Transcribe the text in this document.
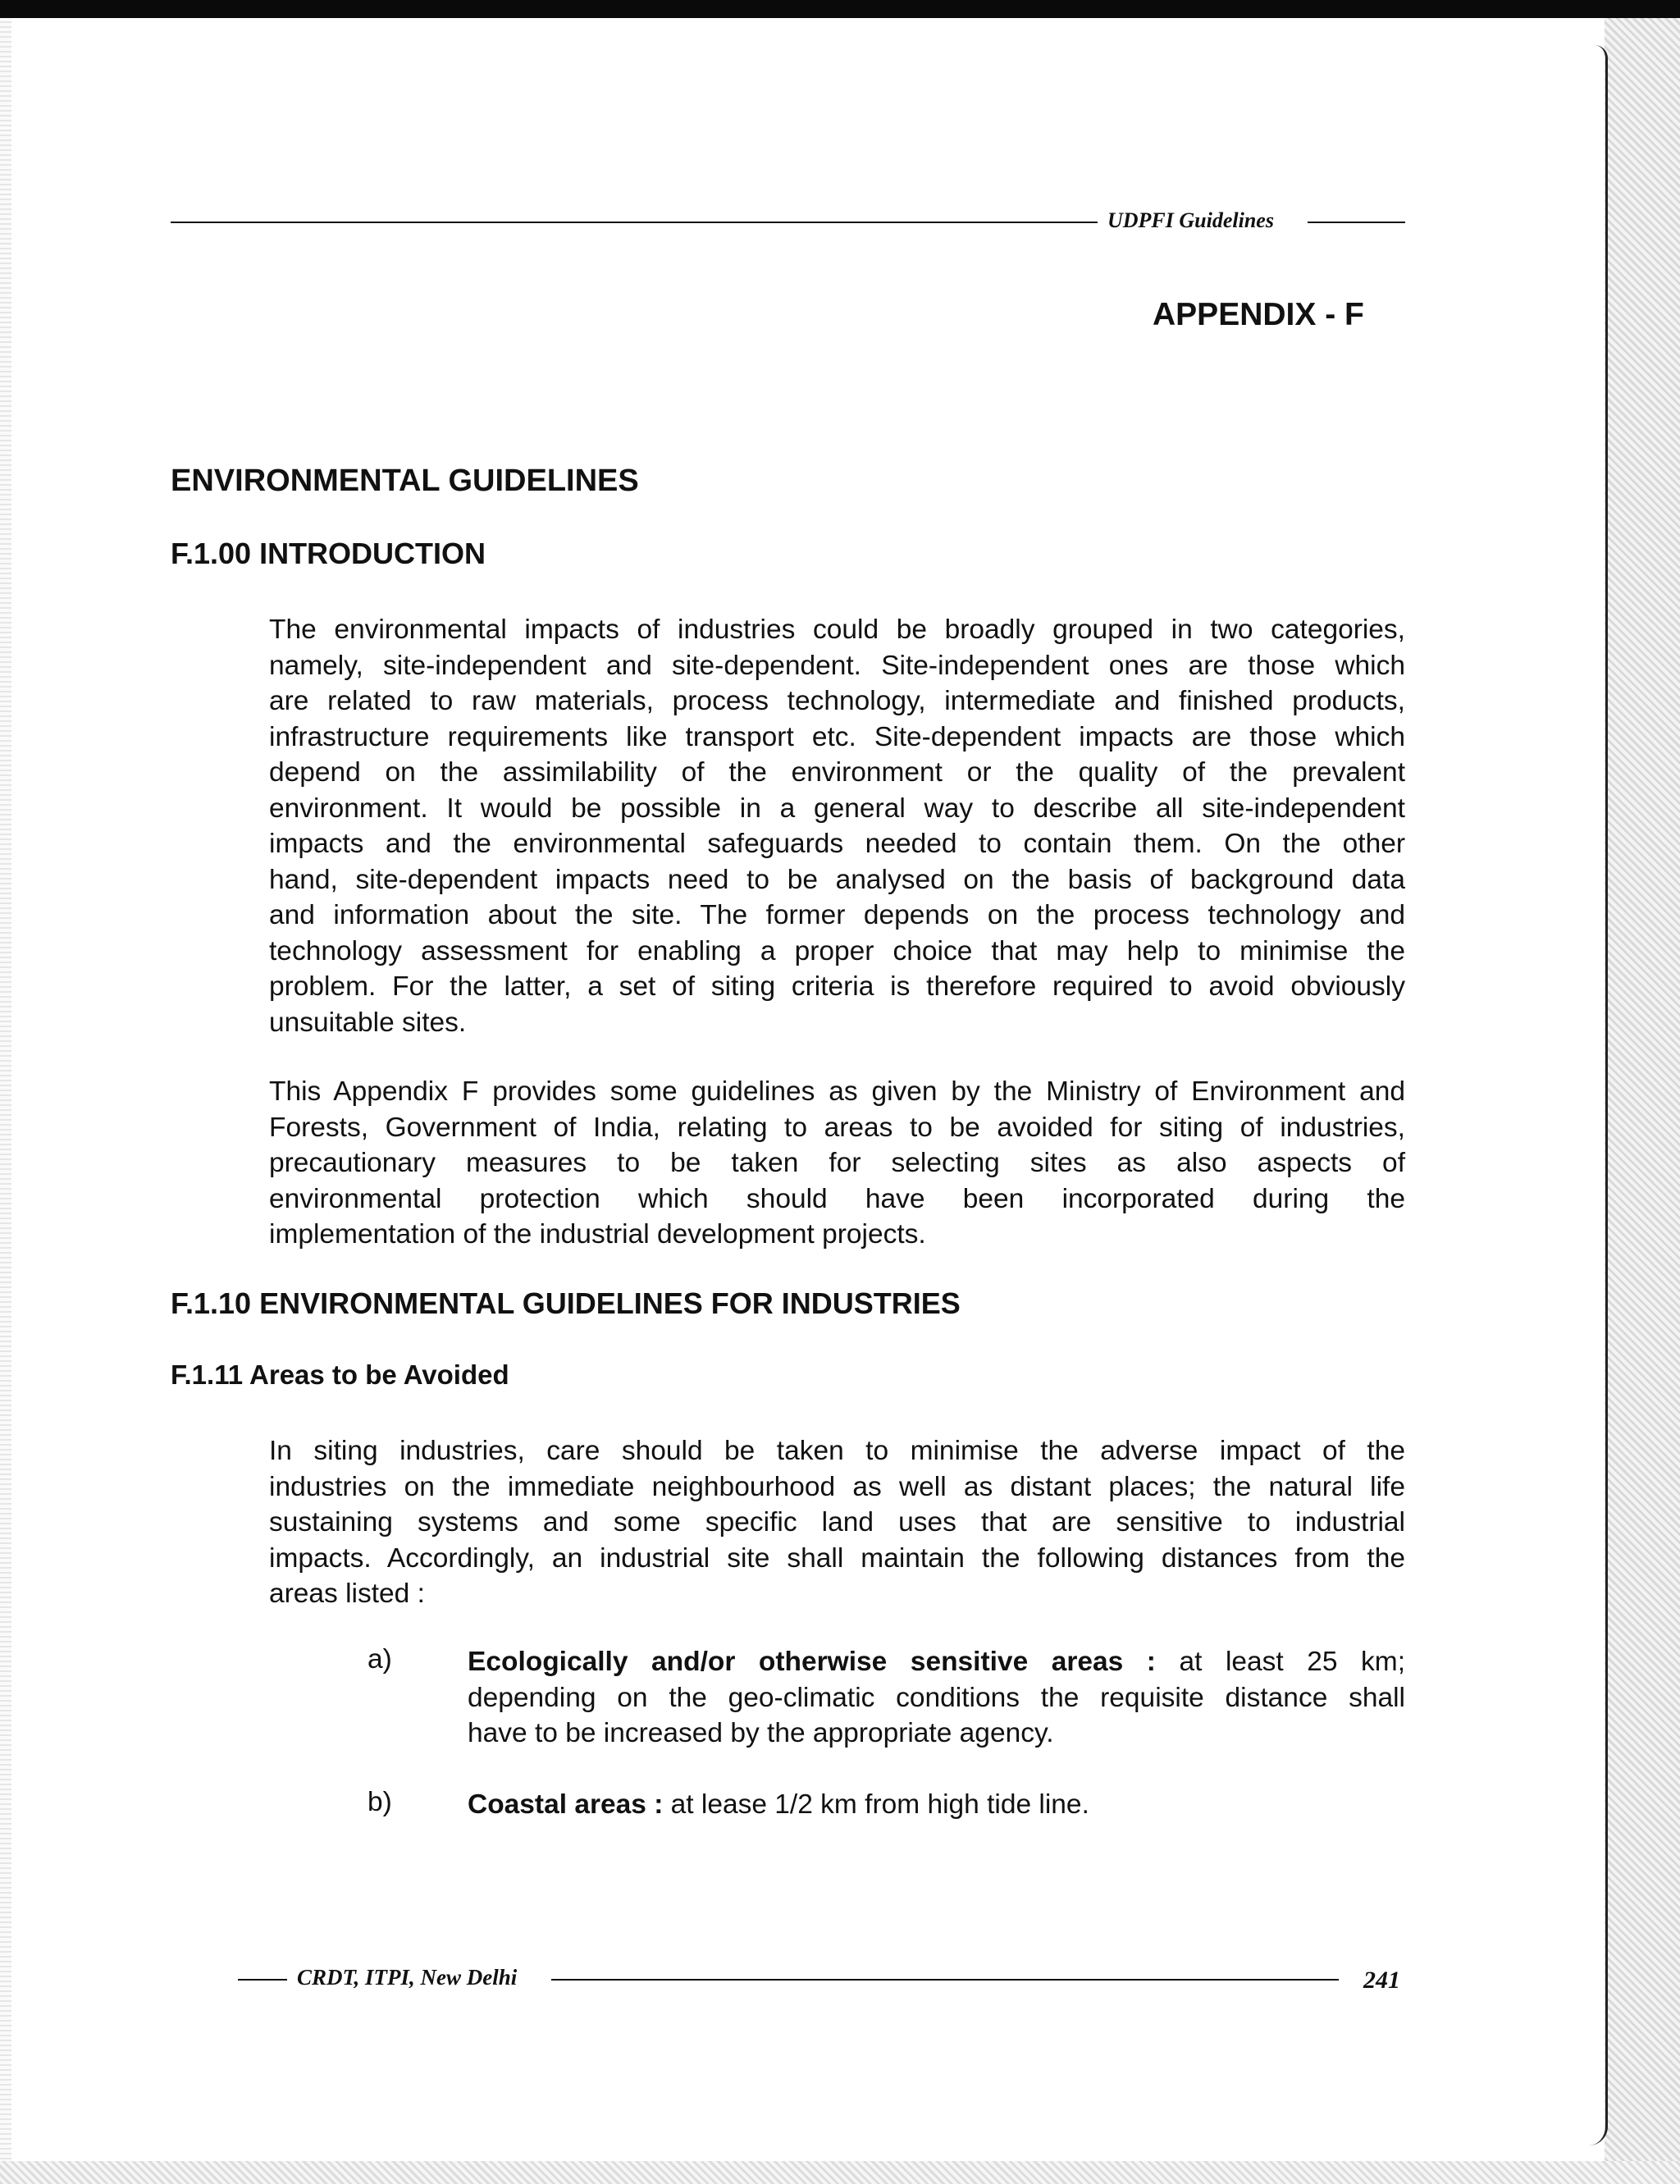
UDPFI Guidelines
APPENDIX - F
ENVIRONMENTAL GUIDELINES
F.1.00 INTRODUCTION
The environmental impacts of industries could be broadly grouped in two categories,
namely, site-independent and site-dependent. Site-independent ones are those which
are related to raw materials, process technology, intermediate and finished products,
infrastructure requirements like transport etc. Site-dependent impacts are those which
depend on the assimilability of the environment or the quality of the prevalent
environment. It would be possible in a general way to describe all site-independent
impacts and the environmental safeguards needed to contain them. On the other
hand, site-dependent impacts need to be analysed on the basis of background data
and information about the site. The former depends on the process technology and
technology assessment for enabling a proper choice that may help to minimise the
problem. For the latter, a set of siting criteria is therefore required to avoid obviously
unsuitable sites.
This Appendix F provides some guidelines as given by the Ministry of Environment and
Forests, Government of India, relating to areas to be avoided for siting of industries,
precautionary measures to be taken for selecting sites as also aspects of
environmental protection which should have been incorporated during the
implementation of the industrial development projects.
F.1.10 ENVIRONMENTAL GUIDELINES FOR INDUSTRIES
F.1.11 Areas to be Avoided
In siting industries, care should be taken to minimise the adverse impact of the
industries on the immediate neighbourhood as well as distant places; the natural life
sustaining systems and some specific land uses that are sensitive to industrial
impacts. Accordingly, an industrial site shall maintain the following distances from the
areas listed :
a)	Ecologically and/or otherwise sensitive areas : at least 25 km;
depending on the geo-climatic conditions the requisite distance shall
have to be increased by the appropriate agency.
b)	Coastal areas : at lease 1/2 km from high tide line.
CRDT, ITPI, New Delhi	241
